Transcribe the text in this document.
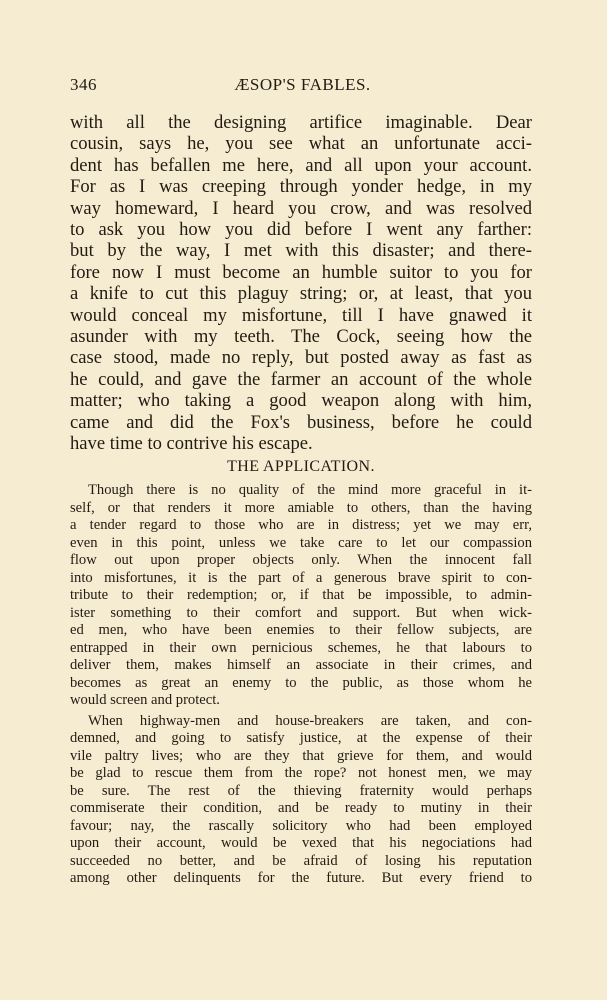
346	ÆSOP'S FABLES.
with all the designing artifice imaginable. Dear
cousin, says he, you see what an unfortunate acci-
dent has befallen me here, and all upon your account.
For as I was creeping through yonder hedge, in my
way homeward, I heard you crow, and was resolved
to ask you how you did before I went any farther:
but by the way, I met with this disaster; and there-
fore now I must become an humble suitor to you for
a knife to cut this plaguy string; or, at least, that you
would conceal my misfortune, till I have gnawed it
asunder with my teeth. The Cock, seeing how the
case stood, made no reply, but posted away as fast as
he could, and gave the farmer an account of the whole
matter; who taking a good weapon along with him,
came and did the Fox's business, before he could
have time to contrive his escape.
THE APPLICATION.
Though there is no quality of the mind more graceful in it-
self, or that renders it more amiable to others, than the having
a tender regard to those who are in distress; yet we may err,
even in this point, unless we take care to let our compassion
flow out upon proper objects only. When the innocent fall
into misfortunes, it is the part of a generous brave spirit to con-
tribute to their redemption; or, if that be impossible, to admin-
ister something to their comfort and support. But when wick-
ed men, who have been enemies to their fellow subjects, are
entrapped in their own pernicious schemes, he that labours to
deliver them, makes himself an associate in their crimes, and
becomes as great an enemy to the public, as those whom he
would screen and protect.
When highway-men and house-breakers are taken, and con-
demned, and going to satisfy justice, at the expense of their
vile paltry lives; who are they that grieve for them, and would
be glad to rescue them from the rope? not honest men, we may
be sure. The rest of the thieving fraternity would perhaps
commiserate their condition, and be ready to mutiny in their
favour; nay, the rascally solicitory who had been employed
upon their account, would be vexed that his negociations had
succeeded no better, and be afraid of losing his reputation
among other delinquents for the future. But every friend to
